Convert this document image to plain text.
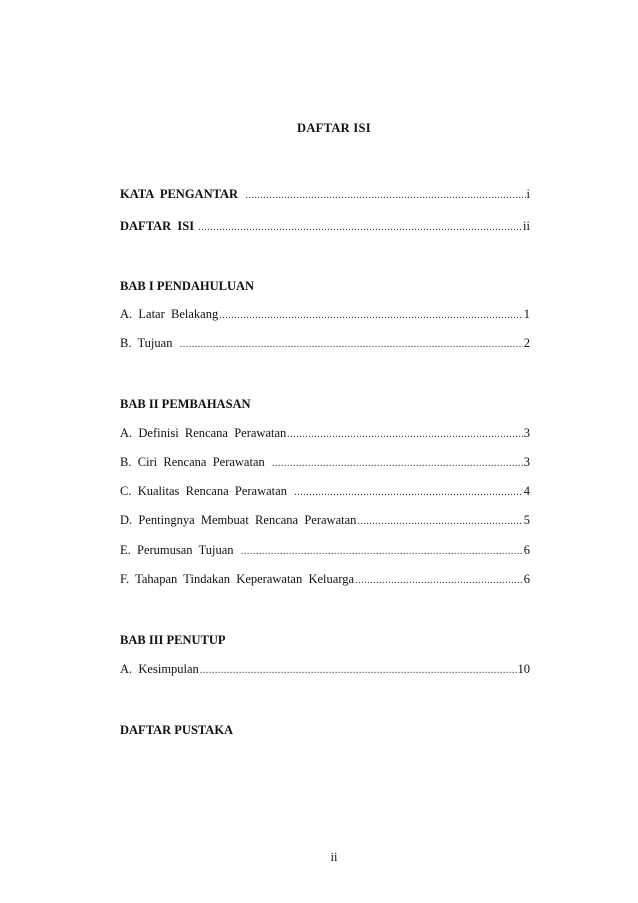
DAFTAR ISI
KATA  PENGANTAR .....	i
DAFTAR  ISI .....	ii
BAB I PENDAHULUAN
A.  Latar  Belakang .....	1
B.  Tujuan .....	2
BAB II PEMBAHASAN
A.  Definisi  Rencana  Perawatan .....	3
B.  Ciri  Rencana  Perawatan .....	3
C.  Kualitas  Rencana  Perawatan .....	4
D.  Pentingnya  Membuat  Rencana  Perawatan .....	5
E.  Perumusan  Tujuan .....	6
F.  Tahapan  Tindakan  Keperawatan  Keluarga .....	6
BAB III PENUTUP
A.  Kesimpulan .....	10
DAFTAR PUSTAKA
ii
